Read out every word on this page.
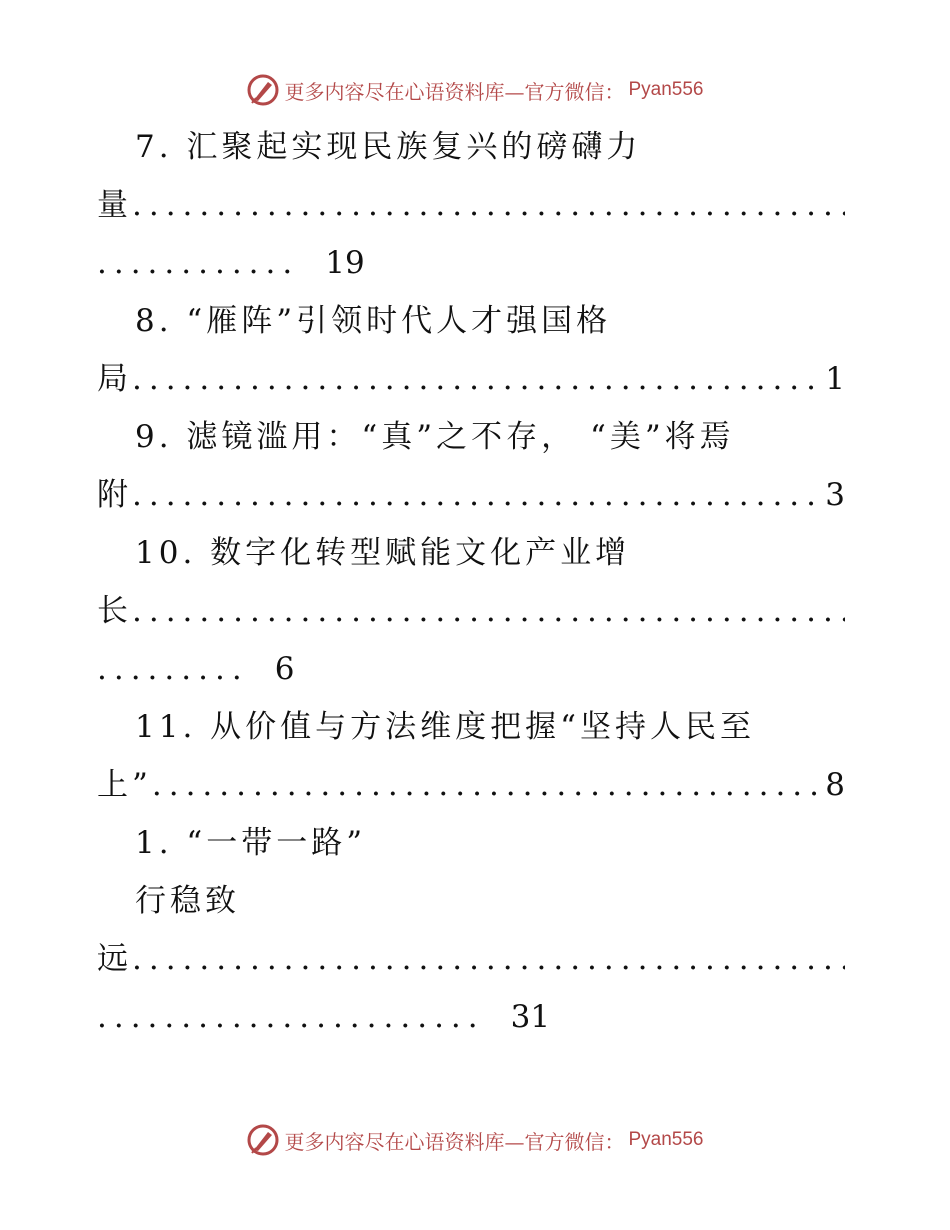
更多内容尽在心语资料库—官方微信： Pyan556
7. 汇聚起实现民族复兴的磅礴力
量
.....
............ 19
8. “雁阵”引领时代人才强国格
局 .....	1
9. 滤镜滥用：“真”之不存， “美”将焉
附 .....	3
10. 数字化转型赋能文化产业增
长
.....
......... 6
11. 从价值与方法维度把握“坚持人民至
上” .....	8
1. “一带一路”
行稳致
远
.....
....................... 31
更多内容尽在心语资料库—官方微信： Pyan556
